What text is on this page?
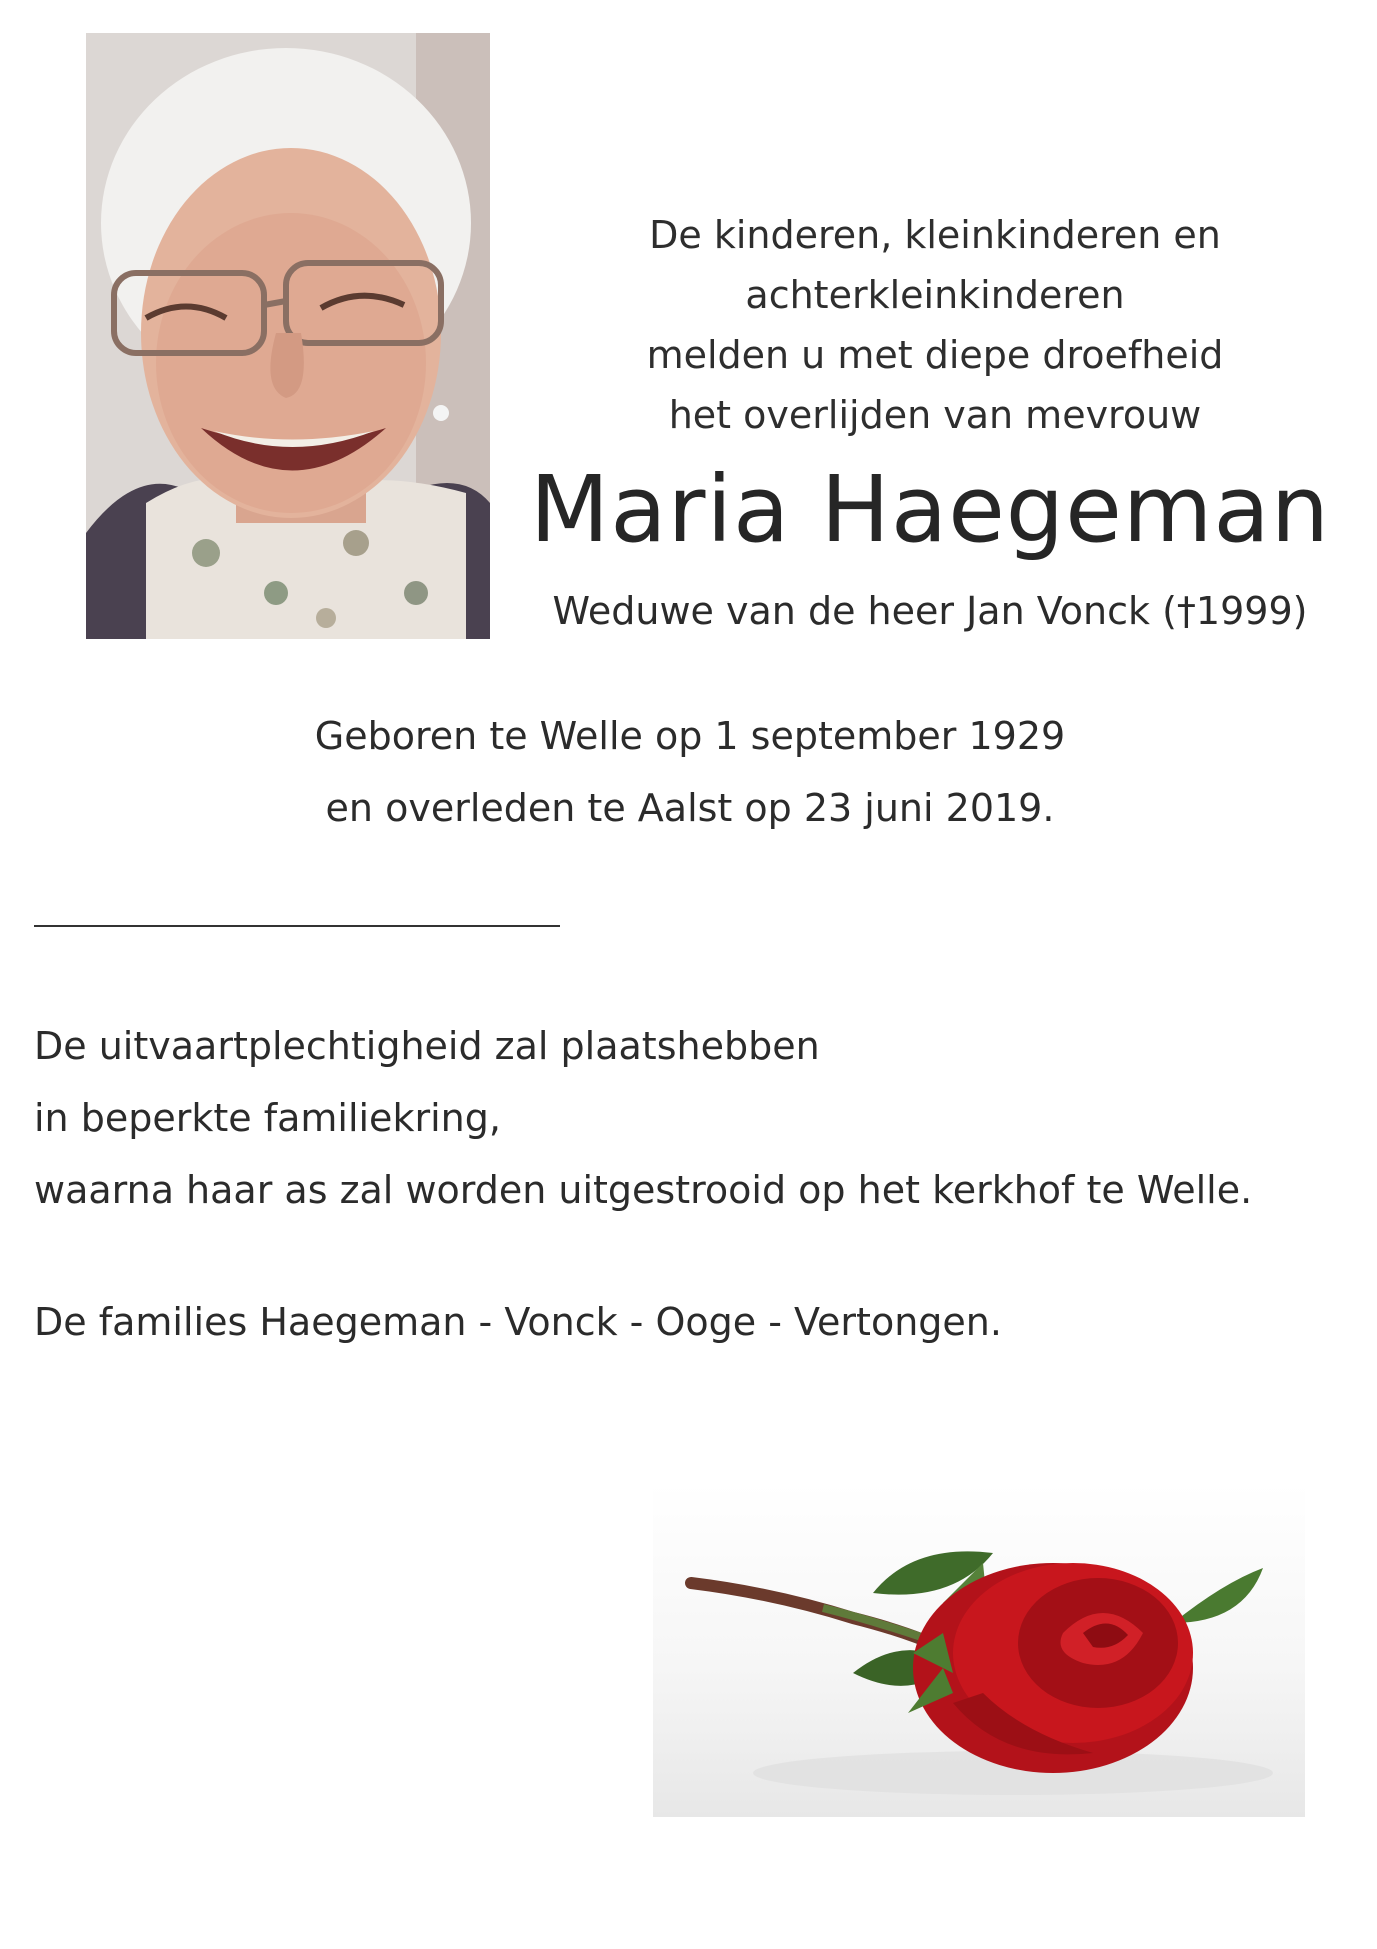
De kinderen, kleinkinderen en
achterkleinkinderen
melden u met diepe droefheid
het overlijden van mevrouw
Maria Haegeman
Weduwe van de heer Jan Vonck (†1999)
Geboren te Welle op 1 september 1929
en overleden te Aalst op 23 juni 2019.
De uitvaartplechtigheid zal plaatshebben
in beperkte familiekring,
waarna haar as zal worden uitgestrooid op het kerkhof te Welle.
De families Haegeman - Vonck - Ooge - Vertongen.
